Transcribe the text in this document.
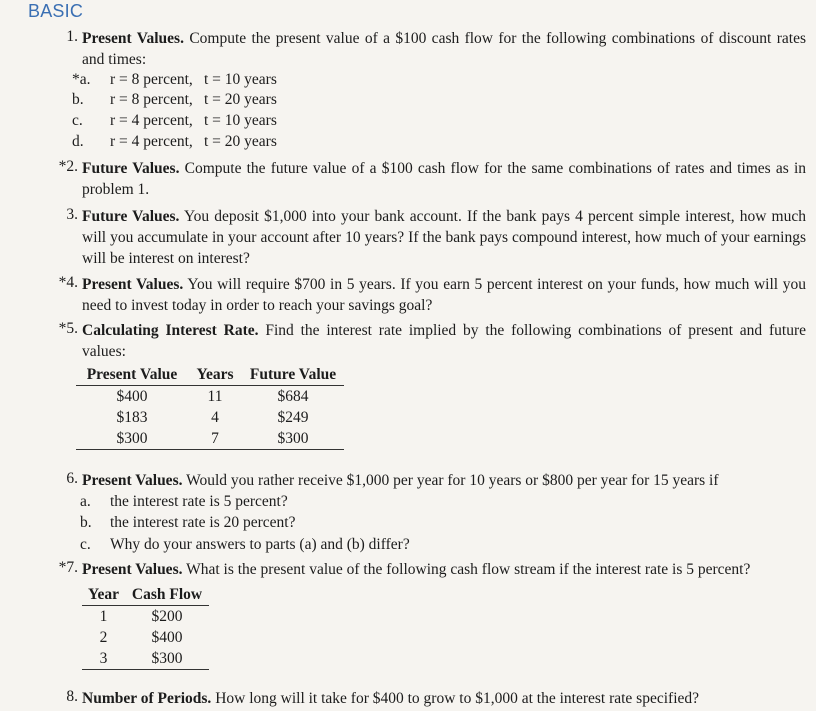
BASIC
1. Present Values. Compute the present value of a $100 cash flow for the following combinations of discount rates and times:
*a.	r = 8 percent, t = 10 years
b.	r = 8 percent, t = 20 years
c.	r = 4 percent, t = 10 years
d.	r = 4 percent, t = 20 years
*2. Future Values. Compute the future value of a $100 cash flow for the same combinations of rates and times as in problem 1.
3. Future Values. You deposit $1,000 into your bank account. If the bank pays 4 percent simple interest, how much will you accumulate in your account after 10 years? If the bank pays compound interest, how much of your earnings will be interest on interest?
*4. Present Values. You will require $700 in 5 years. If you earn 5 percent interest on your funds, how much will you need to invest today in order to reach your savings goal?
*5. Calculating Interest Rate. Find the interest rate implied by the following combinations of present and future values:
Present Value	Years	Future Value
$400	11	$684
$183	4	$249
$300	7	$300
6. Present Values. Would you rather receive $1,000 per year for 10 years or $800 per year for 15 years if
a.	the interest rate is 5 percent?
b.	the interest rate is 20 percent?
c.	Why do your answers to parts (a) and (b) differ?
*7. Present Values. What is the present value of the following cash flow stream if the interest rate is 5 percent?
Year	Cash Flow
1	$200
2	$400
3	$300
8. Number of Periods. How long will it take for $400 to grow to $1,000 at the interest rate specified?
